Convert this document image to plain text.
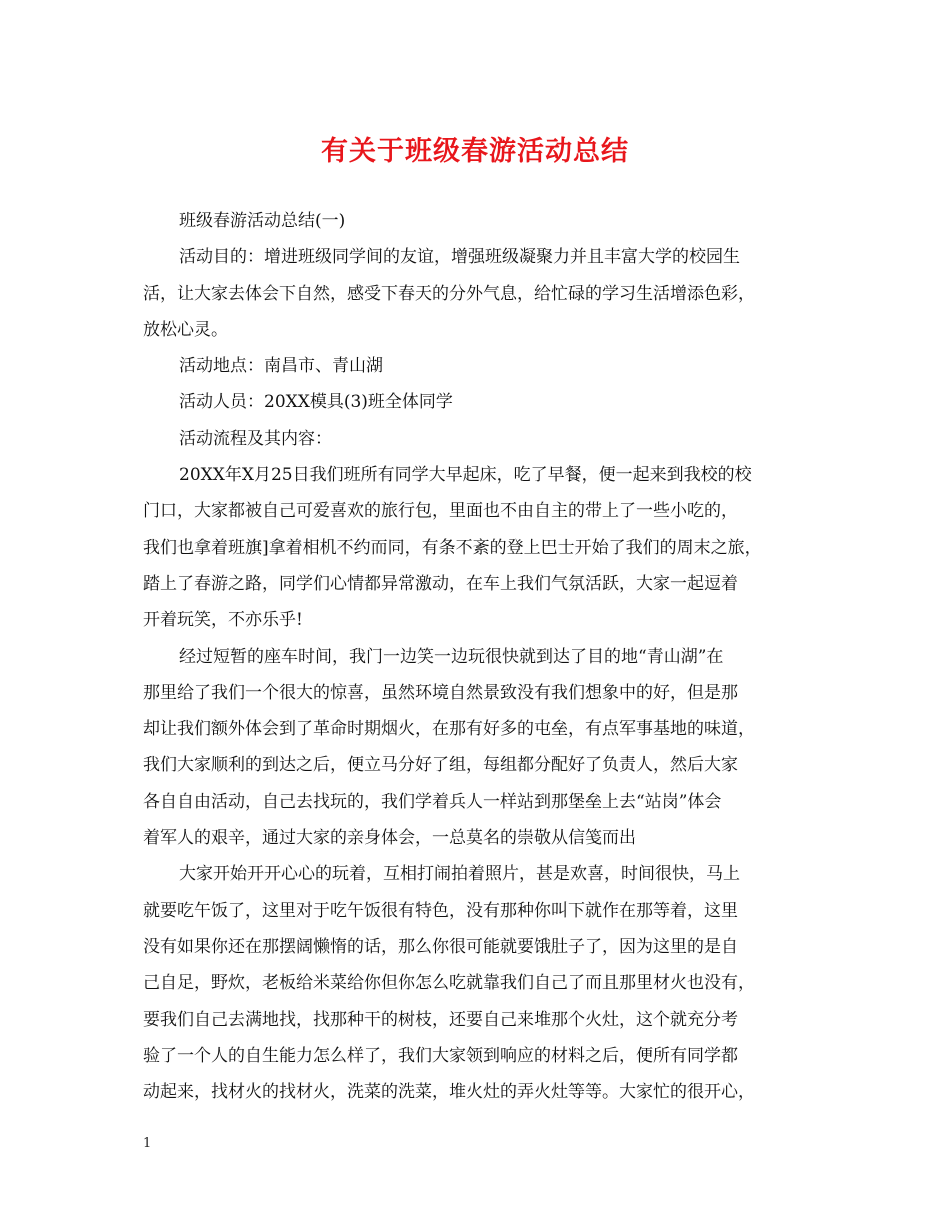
有关于班级春游活动总结
班级春游活动总结(一)
活动目的：增进班级同学间的友谊，增强班级凝聚力并且丰富大学的校园生
活，让大家去体会下自然，感受下春天的分外气息，给忙碌的学习生活增添色彩，
放松心灵。
活动地点：南昌市、青山湖
活动人员：20XX模具(3)班全体同学
活动流程及其内容：
20XX年X月25日我们班所有同学大早起床，吃了早餐，便一起来到我校的校
门口，大家都被自己可爱喜欢的旅行包，里面也不由自主的带上了一些小吃的，
我们也拿着班旗]拿着相机不约而同，有条不紊的登上巴士开始了我们的周末之旅，
踏上了春游之路，同学们心情都异常激动，在车上我们气氛活跃，大家一起逗着
开着玩笑，不亦乐乎!
经过短暂的座车时间，我门一边笑一边玩很快就到达了目的地“青山湖”在
那里给了我们一个很大的惊喜，虽然环境自然景致没有我们想象中的好，但是那
却让我们额外体会到了革命时期烟火，在那有好多的屯垒，有点军事基地的味道，
我们大家顺利的到达之后，便立马分好了组，每组都分配好了负责人，然后大家
各自自由活动，自己去找玩的，我们学着兵人一样站到那堡垒上去“站岗”体会
着军人的艰辛，通过大家的亲身体会，一总莫名的崇敬从信笺而出
大家开始开开心心的玩着，互相打闹拍着照片，甚是欢喜，时间很快，马上
就要吃午饭了，这里对于吃午饭很有特色，没有那种你叫下就作在那等着，这里
没有如果你还在那摆阔懒惰的话，那么你很可能就要饿肚子了，因为这里的是自
己自足，野炊，老板给米菜给你但你怎么吃就靠我们自己了而且那里材火也没有，
要我们自己去满地找，找那种干的树枝，还要自己来堆那个火灶，这个就充分考
验了一个人的自生能力怎么样了，我们大家领到响应的材料之后，便所有同学都
动起来，找材火的找材火，洗菜的洗菜，堆火灶的弄火灶等等。大家忙的很开心，
1
